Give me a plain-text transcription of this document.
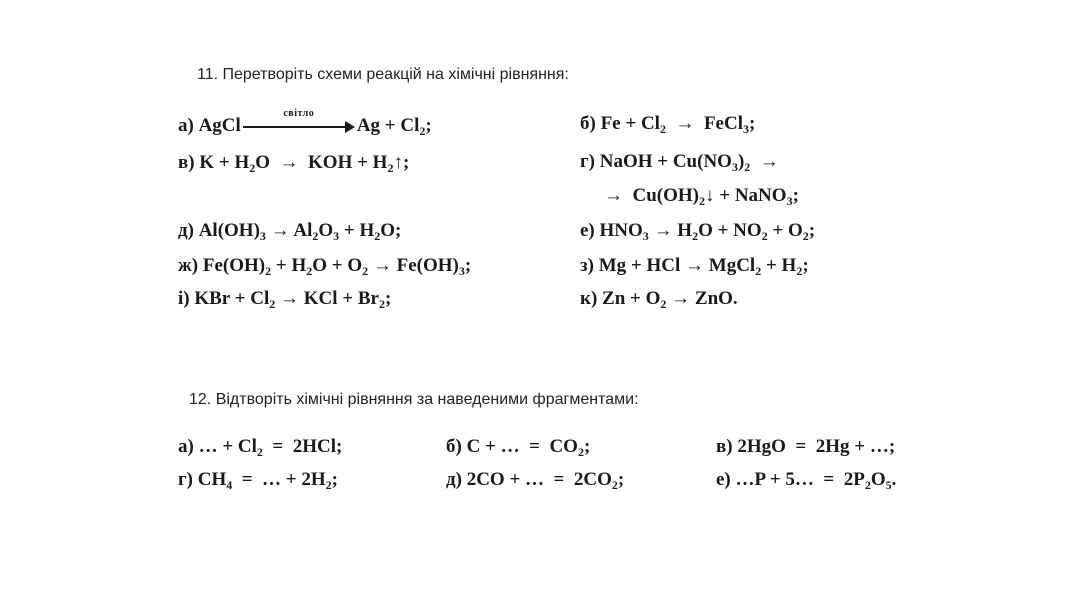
11. Перетворіть схеми реакцій на хімічні рівняння:
а) AgCl
світло
$Ag + Cl_2$;	б) $Fe + Cl_2$  →  FeCl$_3$;
в) $K + H_2O$  →  KOH + $H_2↑$;	г) NaOH + $Cu(NO_3)_2$  →
→  $Cu(OH)_2↓$ + NaNO$_3$;
д) $Al(OH)_3 \to Al_2O_3 + H_2O$;	е) $HNO_3 \to H_2O + NO_2 + O_2$;
ж) $Fe(OH)_2 + H_2O + O_2 \to Fe(OH)_3$;	з) Mg + HCl → MgCl$_2$ + $H_2$;
і) KBr + $Cl_2$ → KCl + $Br_2$;	к) $Zn + O_2$ → ZnO.
12. Відтворіть хімічні рівняння за наведеними фрагментами:
а) … + $Cl_2 = 2HCl$;	б) C + …  =  $CO_2$;	в) 2HgO  =  2Hg + …;
г) $CH_4$  =  … + $2H_2$;	д) 2CO + …  =  $2CO_2$;	е) …P + 5…  =  $2P_2O_5$.
